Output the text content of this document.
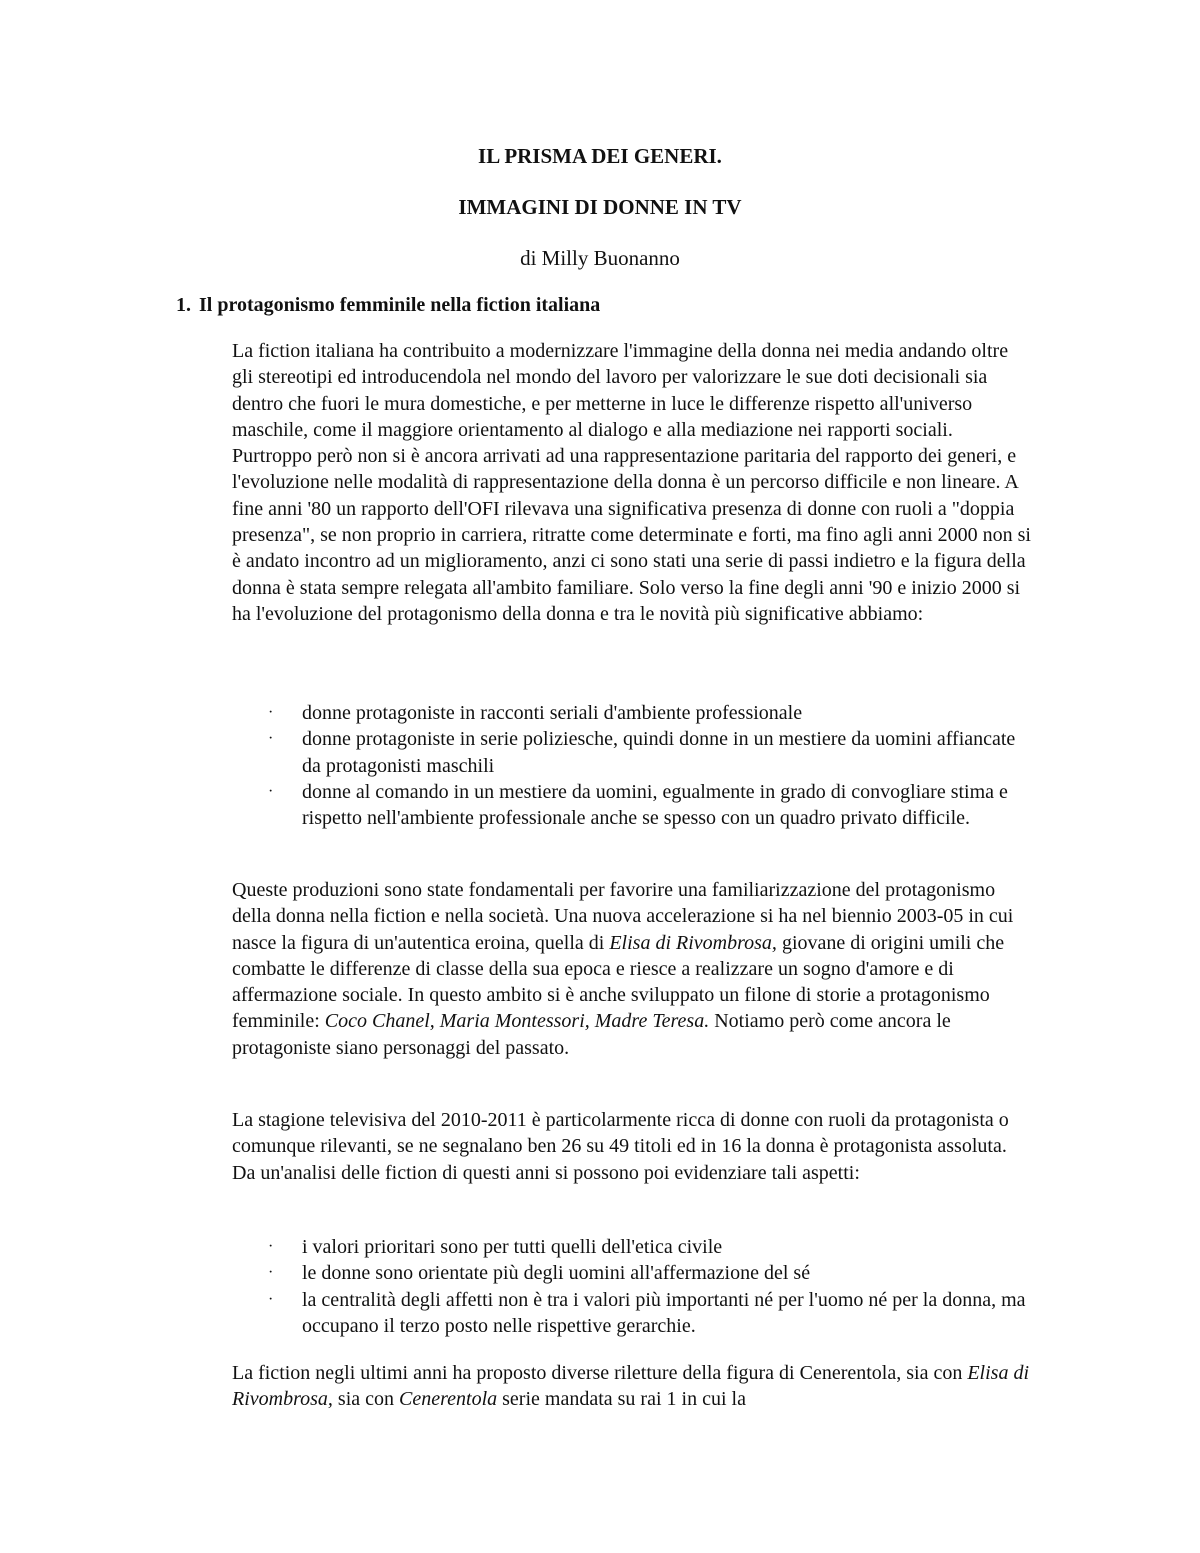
IL PRISMA DEI GENERI.
IMMAGINI DI DONNE IN TV

di Milly Buonanno

1. Il protagonismo femminile nella fiction italiana

La fiction italiana ha contribuito a modernizzare l'immagine della donna nei media andando oltre gli stereotipi ed introducendola nel mondo del lavoro per valorizzare le sue doti decisionali sia dentro che fuori le mura domestiche, e per metterne in luce le differenze rispetto all'universo maschile, come il maggiore orientamento al dialogo e alla mediazione nei rapporti sociali. Purtroppo però non si è ancora arrivati ad una rappresentazione paritaria del rapporto dei generi, e l'evoluzione nelle modalità di rappresentazione della donna è un percorso difficile e non lineare. A fine anni '80 un rapporto dell'OFI rilevava una significativa presenza di donne con ruoli a "doppia presenza", se non proprio in carriera, ritratte come determinate e forti, ma fino agli anni 2000 non si è andato incontro ad un miglioramento, anzi ci sono stati una serie di passi indietro e la figura della donna è stata sempre relegata all'ambito familiare. Solo verso la fine degli anni '90 e inizio 2000 si ha l'evoluzione del protagonismo della donna e tra le novità più significative abbiamo:

· donne protagoniste in racconti seriali d'ambiente professionale
· donne protagoniste in serie poliziesche, quindi donne in un mestiere da uomini affiancate da protagonisti maschili
· donne al comando in un mestiere da uomini, egualmente in grado di convogliare stima e rispetto nell'ambiente professionale anche se spesso con un quadro privato difficile.

Queste produzioni sono state fondamentali per favorire una familiarizzazione del protagonismo della donna nella fiction e nella società. Una nuova accelerazione si ha nel biennio 2003-05 in cui nasce la figura di un'autentica eroina, quella di Elisa di Rivombrosa, giovane di origini umili che combatte le differenze di classe della sua epoca e riesce a realizzare un sogno d'amore e di affermazione sociale. In questo ambito si è anche sviluppato un filone di storie a protagonismo femminile: Coco Chanel, Maria Montessori, Madre Teresa. Notiamo però come ancora le protagoniste siano personaggi del passato.

La stagione televisiva del 2010-2011 è particolarmente ricca di donne con ruoli da protagonista o comunque rilevanti, se ne segnalano ben 26 su 49 titoli ed in 16 la donna è protagonista assoluta. Da un'analisi delle fiction di questi anni si possono poi evidenziare tali aspetti:

· i valori prioritari sono per tutti quelli dell'etica civile
· le donne sono orientate più degli uomini all'affermazione del sé
· la centralità degli affetti non è tra i valori più importanti né per l'uomo né per la donna, ma occupano il terzo posto nelle rispettive gerarchie.

La fiction negli ultimi anni ha proposto diverse riletture della figura di Cenerentola, sia con Elisa di Rivombrosa, sia con Cenerentola serie mandata su rai 1 in cui la
